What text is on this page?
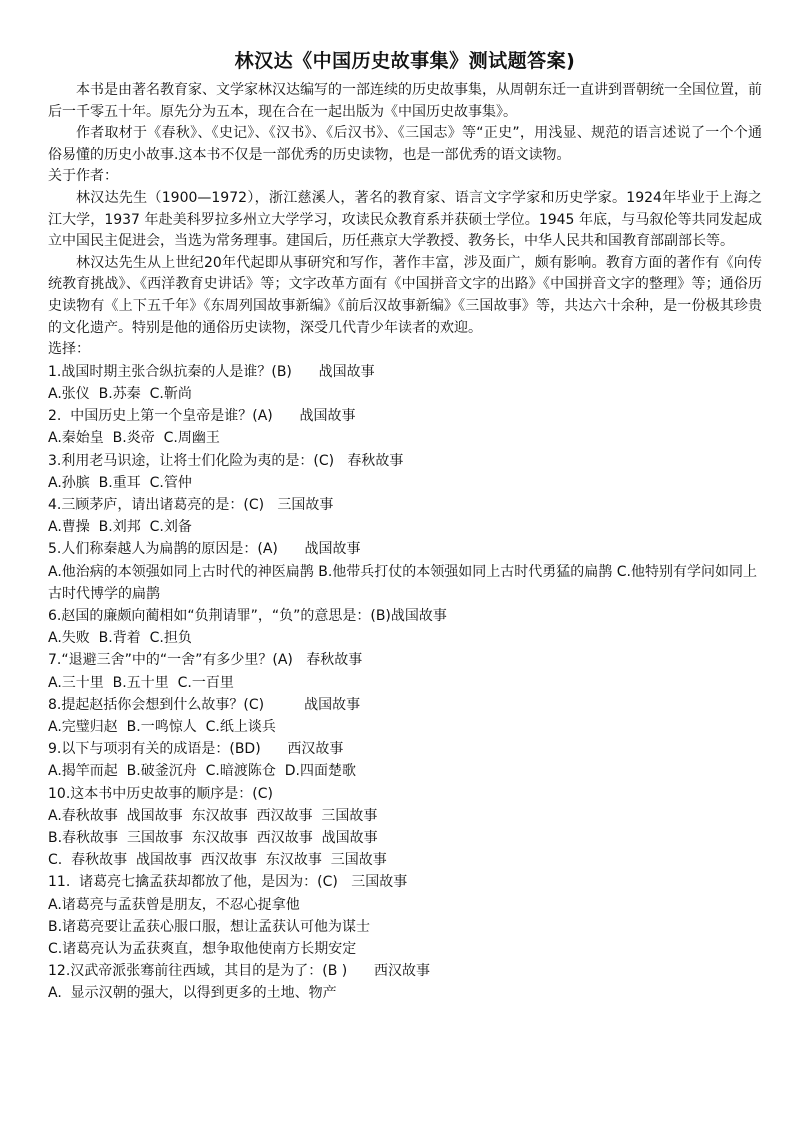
林汉达《中国历史故事集》测试题答案)

本书是由著名教育家、文学家林汉达编写的一部连续的历史故事集，从周朝东迁一直讲到晋朝统一全国位置，前后一千零五十年。原先分为五本，现在合在一起出版为《中国历史故事集》。

作者取材于《春秋》、《史记》、《汉书》、《后汉书》、《三国志》等“正史”，用浅显、规范的语言述说了一个个通俗易懂的历史小故事.这本书不仅是一部优秀的历史读物，也是一部优秀的语文读物。

关于作者：

林汉达先生（1900—1972），浙江慈溪人，著名的教育家、语言文字学家和历史学家。1924年毕业于上海之江大学，1937 年赴美科罗拉多州立大学学习，攻读民众教育系并获硕士学位。1945 年底，与马叙伦等共同发起成立中国民主促进会，当选为常务理事。建国后，历任燕京大学教授、教务长，中华人民共和国教育部副部长等。

林汉达先生从上世纪20年代起即从事研究和写作，著作丰富，涉及面广，颇有影响。教育方面的著作有《向传统教育挑战》、《西洋教育史讲话》等；文字改革方面有《中国拼音文字的出路》《中国拼音文字的整理》等；通俗历史读物有《上下五千年》《东周列国故事新编》《前后汉故事新编》《三国故事》等，共达六十余种，是一份极其珍贵的文化遗产。特别是他的通俗历史读物，深受几代青少年读者的欢迎。

选择：

1.战国时期主张合纵抗秦的人是谁？(B)      战国故事

A.张仪  B.苏秦  C.靳尚

2.  中国历史上第一个皇帝是谁？(A)      战国故事

A.秦始皇  B.炎帝  C.周幽王

3.利用老马识途，让将士们化险为夷的是：(C)   春秋故事

A.孙膑  B.重耳  C.管仲

4.三顾茅庐，请出诸葛亮的是：(C)   三国故事

A.曹操  B.刘邦  C.刘备

5.人们称秦越人为扁鹊的原因是：(A)      战国故事

A.他治病的本领强如同上古时代的神医扁鹊 B.他带兵打仗的本领强如同上古时代勇猛的扁鹊 C.他特别有学问如同上古时代博学的扁鹊

6.赵国的廉颇向蔺相如“负荆请罪”，“负”的意思是：(B)战国故事

A.失败  B.背着  C.担负

7.“退避三舍”中的“一舍”有多少里？(A)   春秋故事

A.三十里  B.五十里  C.一百里

8.提起赵括你会想到什么故事？(C)         战国故事

A.完璧归赵  B.一鸣惊人  C.纸上谈兵

9.以下与项羽有关的成语是：(BD)      西汉故事

A.揭竿而起  B.破釜沉舟  C.暗渡陈仓  D.四面楚歌

10.这本书中历史故事的顺序是：(C)

A.春秋故事  战国故事  东汉故事  西汉故事  三国故事

B.春秋故事  三国故事  东汉故事  西汉故事  战国故事

C.  春秋故事  战国故事  西汉故事  东汉故事  三国故事

11.  诸葛亮七擒孟获却都放了他，是因为：(C)   三国故事

A.诸葛亮与孟获曾是朋友，不忍心捉拿他

B.诸葛亮要让孟获心服口服，想让孟获认可他为谋士

C.诸葛亮认为孟获爽直，想争取他使南方长期安定

12.汉武帝派张骞前往西域，其目的是为了：(B )      西汉故事

A.  显示汉朝的强大，以得到更多的土地、物产
